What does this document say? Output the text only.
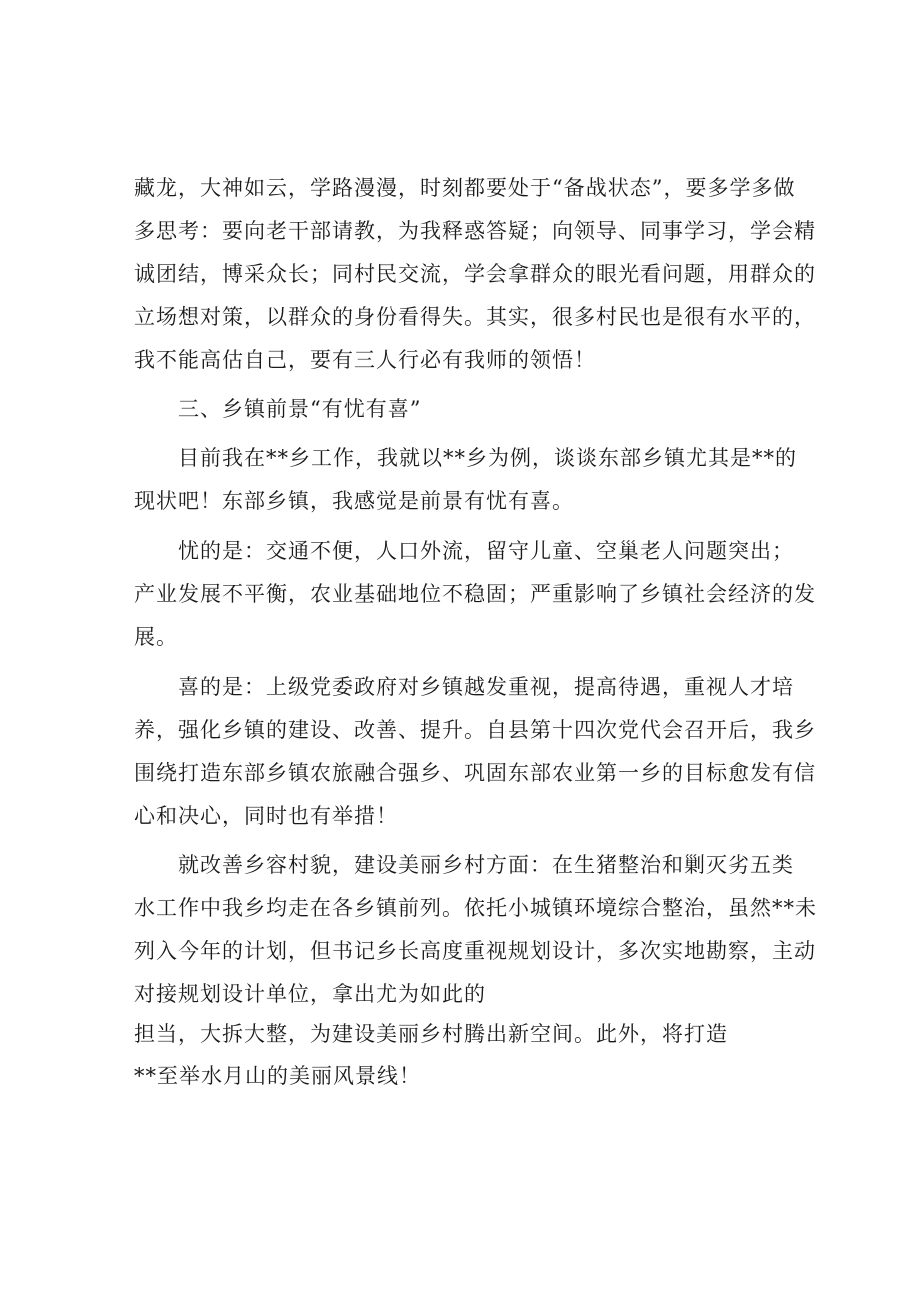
藏龙，大神如云，学路漫漫，时刻都要处于“备战状态”，要多学多做
多思考：要向老干部请教，为我释惑答疑；向领导、同事学习，学会精
诚团结，博采众长；同村民交流，学会拿群众的眼光看问题，用群众的
立场想对策，以群众的身份看得失。其实，很多村民也是很有水平的，
我不能高估自己，要有三人行必有我师的领悟！
三、乡镇前景“有忧有喜”
目前我在**乡工作，我就以**乡为例，谈谈东部乡镇尤其是**的
现状吧！东部乡镇，我感觉是前景有忧有喜。
忧的是：交通不便，人口外流，留守儿童、空巢老人问题突出；
产业发展不平衡，农业基础地位不稳固；严重影响了乡镇社会经济的发
展。
喜的是：上级党委政府对乡镇越发重视，提高待遇，重视人才培
养，强化乡镇的建设、改善、提升。自县第十四次党代会召开后，我乡
围绕打造东部乡镇农旅融合强乡、巩固东部农业第一乡的目标愈发有信
心和决心，同时也有举措！
就改善乡容村貌，建设美丽乡村方面：在生猪整治和剿灭劣五类
水工作中我乡均走在各乡镇前列。依托小城镇环境综合整治，虽然**未
列入今年的计划，但书记乡长高度重视规划设计，多次实地勘察，主动
对接规划设计单位，拿出尤为如此的
担当，大拆大整，为建设美丽乡村腾出新空间。此外，将打造
**至举水月山的美丽风景线！
